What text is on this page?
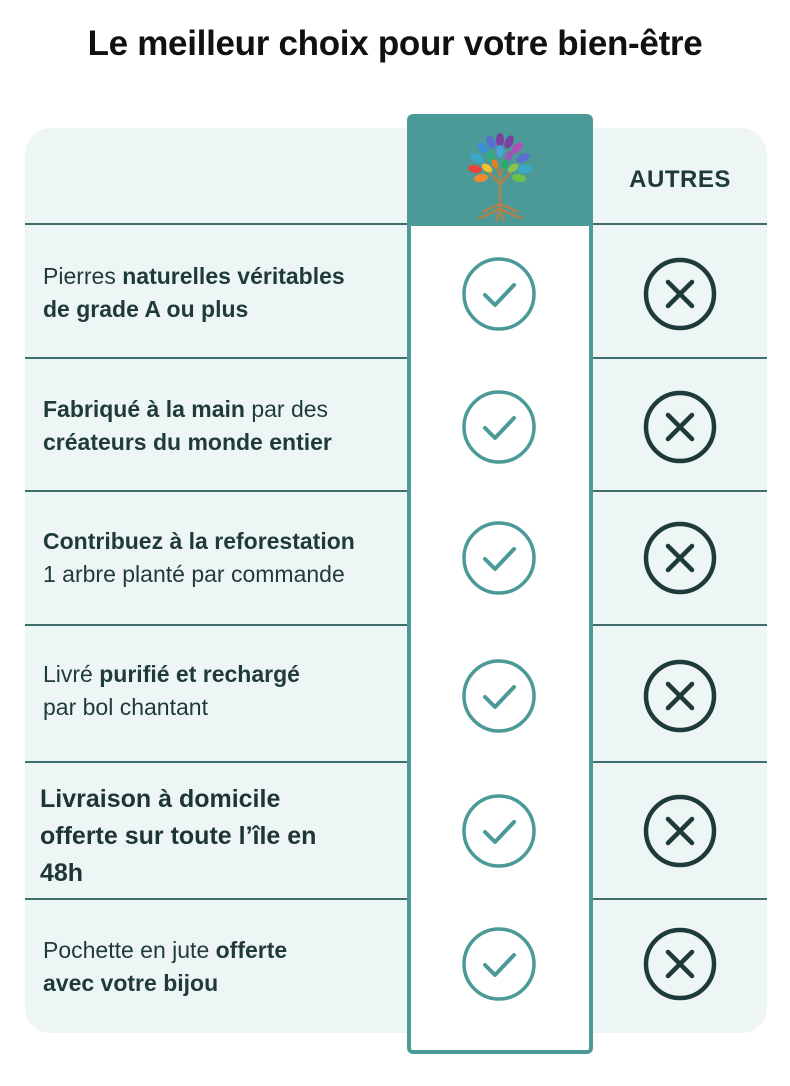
Le meilleur choix pour votre bien-être
Pierres naturelles véritables
de grade A ou plus
Fabriqué à la main par des
créateurs du monde entier
Contribuez à la reforestation
1 arbre planté par commande
Livré purifié et rechargé
par bol chantant
Livraison à domicile
offerte sur toute l’île en
48h
Pochette en jute offerte
avec votre bijou
AUTRES
